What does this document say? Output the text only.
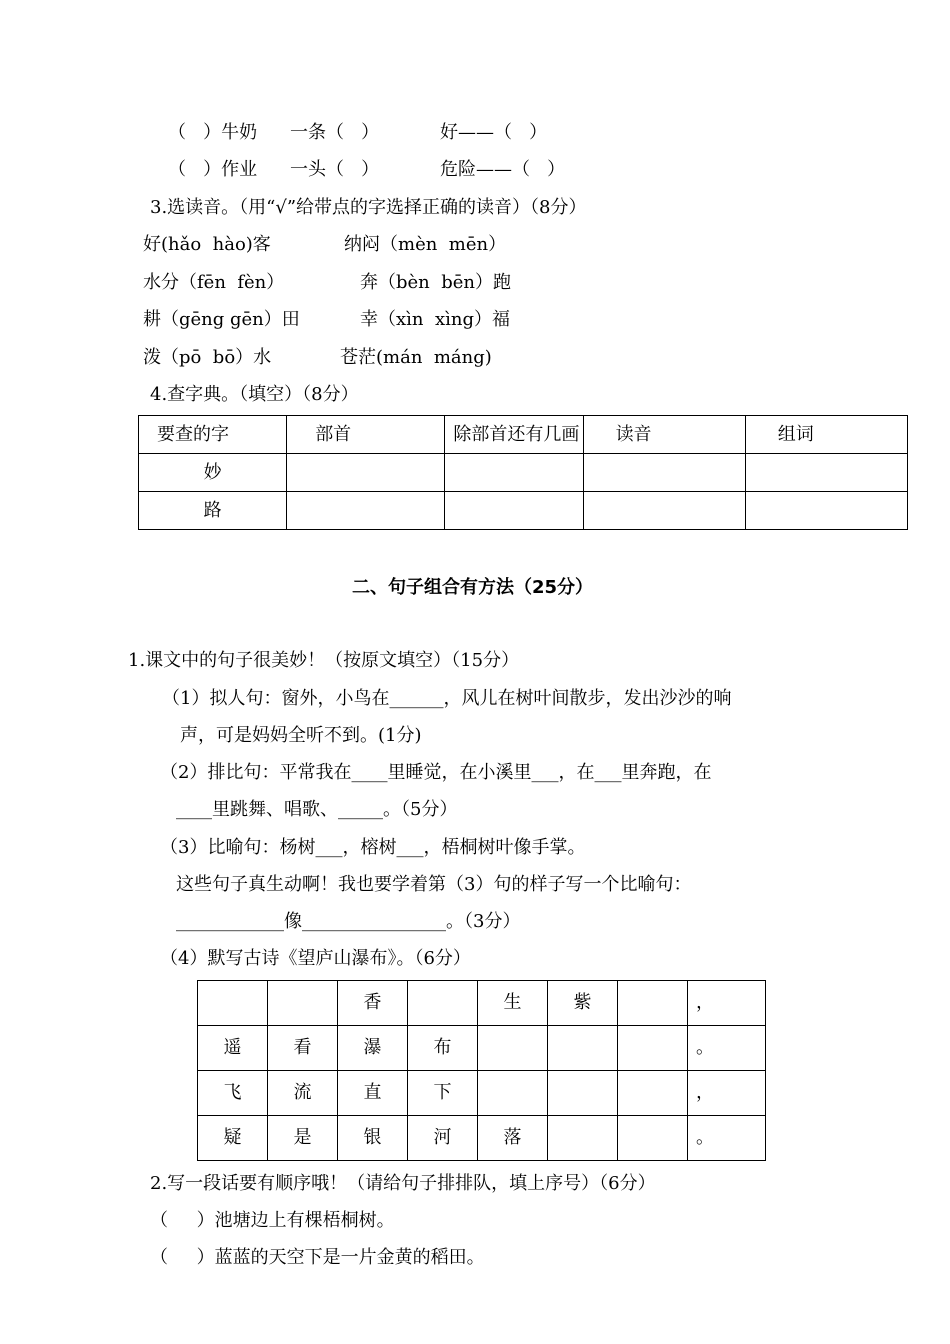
（   ）牛奶 一条（   ）	好——（   ）
（   ）作业 一头（   ）	危险——（   ）
3.选读音。（用“√”给带点的字选择正确的读音）（8分）
好(hǎo  hào)客	纳闷（mèn  mēn）
水分（fēn  fèn）	奔（bèn  bēn）跑
耕（gēng gēn）田	幸（xìn  xìng）福
泼（pō  bō）水	苍茫(mán  máng)
4.查字典。（填空）（8分）
要查的字	部首	除部首还有几画	读音	组词
妙				
路				
二、句子组合有方法（25分）
1.课文中的句子很美妙！（按原文填空）（15分）
（1）拟人句：窗外，小鸟在______，风儿在树叶间散步，发出沙沙的响
声，可是妈妈全听不到。(1分)
（2）排比句：平常我在____里睡觉，在小溪里___，在___里奔跑，在
____里跳舞、唱歌、_____。（5分）
（3）比喻句：杨树___，榕树___，梧桐树叶像手掌。
这些句子真生动啊！我也要学着第（3）句的样子写一个比喻句：
____________像________________。（3分）
（4）默写古诗《望庐山瀑布》。（6分）
		香		生	紫		，
遥	看	瀑	布				。
飞	流	直	下				，
疑	是	银	河	落			。
2.写一段话要有顺序哦！（请给句子排排队，填上序号）（6分）
（     ）池塘边上有棵梧桐树。
（     ）蓝蓝的天空下是一片金黄的稻田。
